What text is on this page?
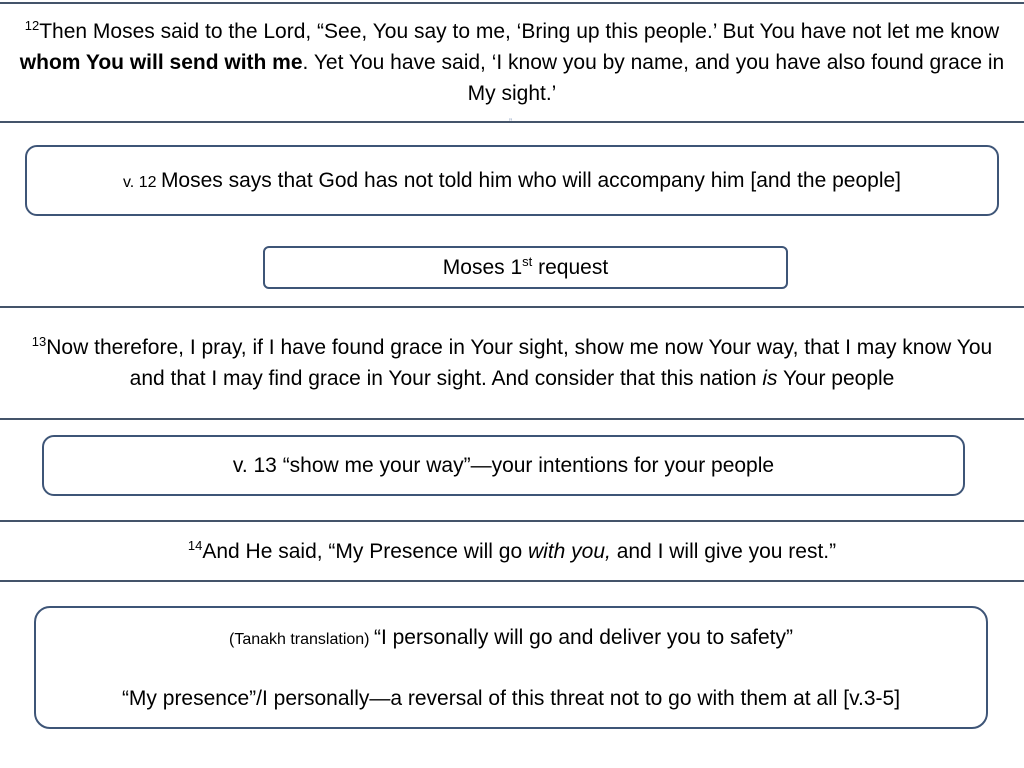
$^{12}$Then Moses said to the Lord, “See, You say to me, ‘Bring up this people.’ But You have not let me know whom You will send with me. Yet You have said, ‘I know you by name, and you have also found grace in My sight.’
”
v. 12 Moses says that God has not told him who will accompany him [and the people]
Moses 1st request
$^{13}$Now therefore, I pray, if I have found grace in Your sight, show me now Your way, that I may know You and that I may find grace in Your sight. And consider that this nation is Your people
v. 13 “show me your way”—your intentions for your people
$^{14}$And He said, “My Presence will go with you, and I will give you rest.”
(Tanakh translation) “I personally will go and deliver you to safety”
“My presence”/I personally—a reversal of this threat not to go with them at all [v.3-5]
